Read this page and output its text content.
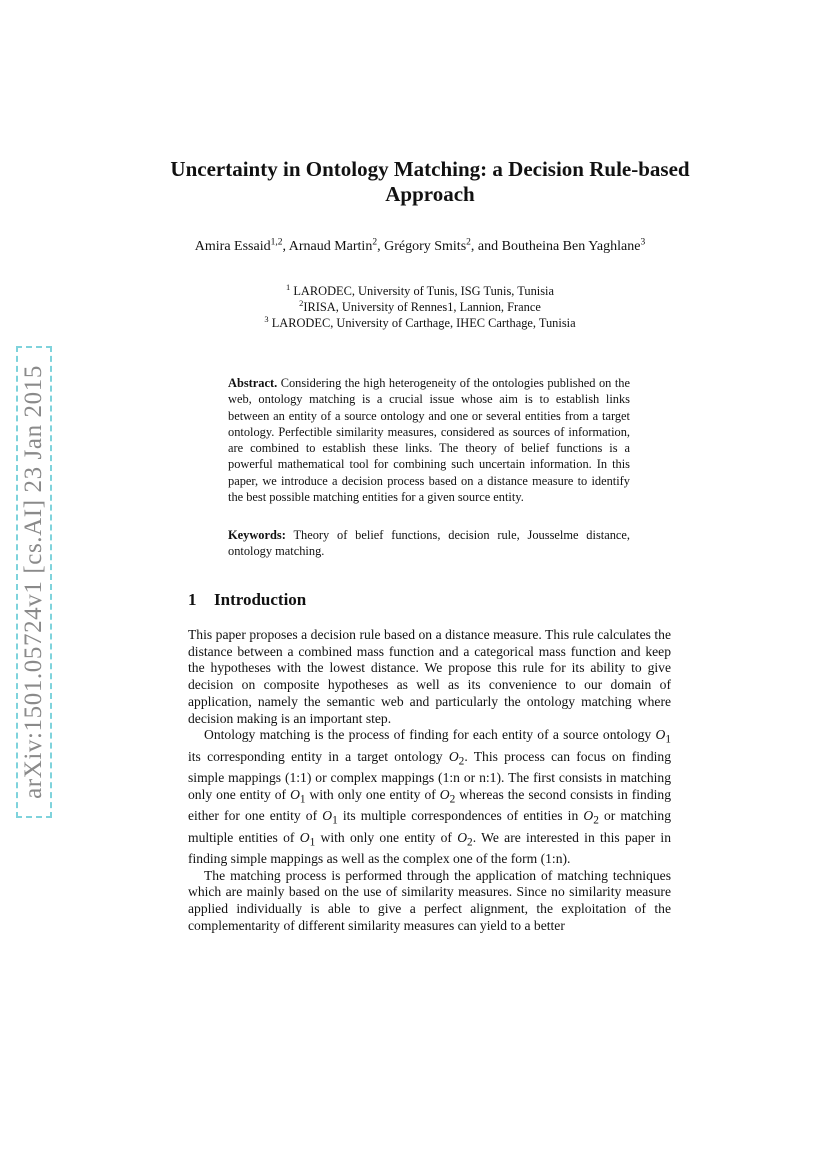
arXiv:1501.05724v1 [cs.AI] 23 Jan 2015
Uncertainty in Ontology Matching: a Decision Rule-based Approach
Amira Essaid$^{1,2}$, Arnaud Martin$^2$, Grégory Smits$^2$, and Boutheina Ben Yaghlane$^3$
$^1$ LARODEC, University of Tunis, ISG Tunis, Tunisia
$^2$IRISA, University of Rennes1, Lannion, France
$^3$ LARODEC, University of Carthage, IHEC Carthage, Tunisia
Abstract. Considering the high heterogeneity of the ontologies published on the web, ontology matching is a crucial issue whose aim is to establish links between an entity of a source ontology and one or several entities from a target ontology. Perfectible similarity measures, considered as sources of information, are combined to establish these links. The theory of belief functions is a powerful mathematical tool for combining such uncertain information. In this paper, we introduce a decision process based on a distance measure to identify the best possible matching entities for a given source entity.
Keywords: Theory of belief functions, decision rule, Jousselme distance, ontology matching.
1 Introduction

This paper proposes a decision rule based on a distance measure. This rule calculates the distance between a combined mass function and a categorical mass function and keep the hypotheses with the lowest distance. We propose this rule for its ability to give decision on composite hypotheses as well as its convenience to our domain of application, namely the semantic web and particularly the ontology matching where decision making is an important step.

Ontology matching is the process of finding for each entity of a source ontology $O_1$ its corresponding entity in a target ontology $O_2$. This process can focus on finding simple mappings (1:1) or complex mappings (1:n or n:1). The first consists in matching only one entity of $O_1$ with only one entity of $O_2$ whereas the second consists in finding either for one entity of $O_1$ its multiple correspondences of entities in $O_2$ or matching multiple entities of $O_1$ with only one entity of $O_2$. We are interested in this paper in finding simple mappings as well as the complex one of the form (1:n).

The matching process is performed through the application of matching techniques which are mainly based on the use of similarity measures. Since no similarity measure applied individually is able to give a perfect alignment, the exploitation of the complementarity of different similarity measures can yield to a better
